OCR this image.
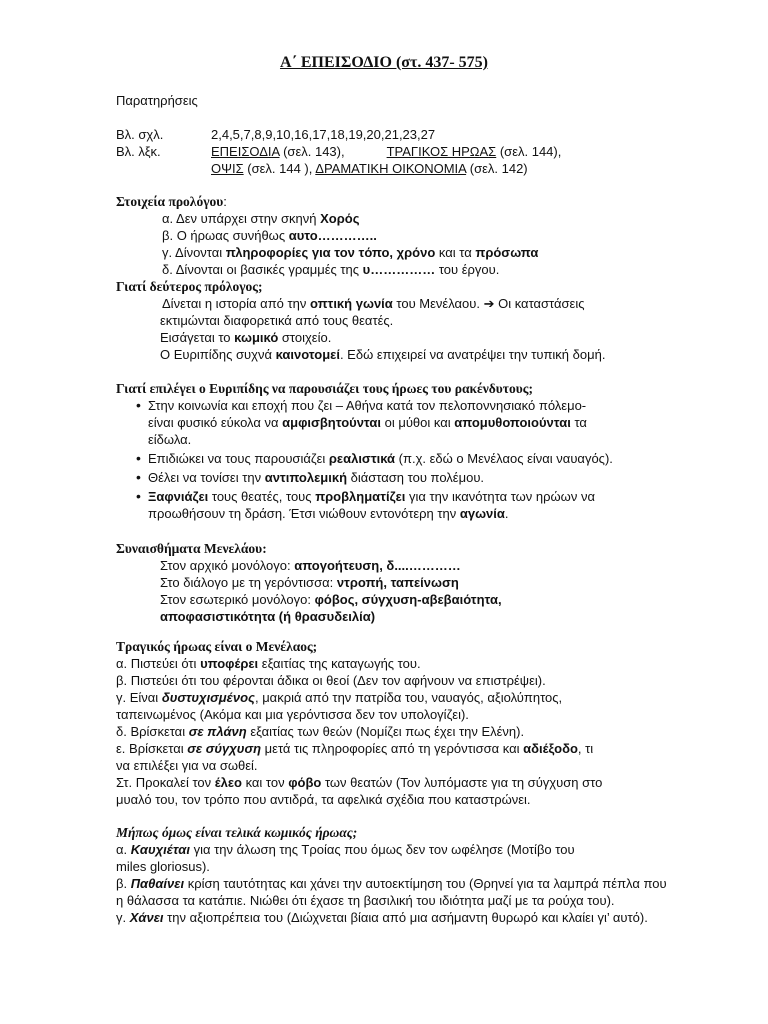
Α΄ ΕΠΕΙΣΟΔΙΟ (στ. 437- 575)
Παρατηρήσεις
Βλ. σχλ.	2,4,5,7,8,9,10,16,17,18,19,20,21,23,27
Βλ. λξκ.	ΕΠΕΙΣΟΔΙΑ (σελ. 143),	ΤΡΑΓΙΚΟΣ ΗΡΩΑΣ (σελ. 144),
ΟΨΙΣ (σελ. 144 ), ΔΡΑΜΑΤΙΚΗ ΟΙΚΟΝΟΜΙΑ (σελ. 142)
Στοιχεία προλόγου:
α. Δεν υπάρχει στην σκηνή Χορός
β. Ο ήρωας συνήθως αυτο…………..
γ. Δίνονται πληροφορίες για τον τόπο, χρόνο και τα πρόσωπα
δ. Δίνονται οι βασικές γραμμές της υ…………… του έργου.
Γιατί δεύτερος πρόλογος;
Δίνεται η ιστορία από την οπτική γωνία του Μενέλαου. ➔ Οι καταστάσεις
εκτιμώνται διαφορετικά από τους θεατές.
Εισάγεται το κωμικό στοιχείο.
Ο Ευριπίδης συχνά καινοτομεί. Εδώ επιχειρεί να ανατρέψει την τυπική δομή.
Γιατί επιλέγει ο Ευριπίδης να παρουσιάζει τους ήρωες του ρακένδυτους;
• Στην κοινωνία και εποχή που ζει – Αθήνα κατά τον πελοποννησιακό πόλεμο-
είναι φυσικό εύκολα να αμφισβητούνται οι μύθοι και απομυθοποιούνται τα
είδωλα.
• Επιδιώκει να τους παρουσιάζει ρεαλιστικά (π.χ. εδώ ο Μενέλαος είναι ναυαγός).
• Θέλει να τονίσει την αντιπολεμική διάσταση του πολέμου.
• Ξαφνιάζει τους θεατές, τους προβληματίζει για την ικανότητα των ηρώων να
προωθήσουν τη δράση. Έτσι νιώθουν εντονότερη την αγωνία.
Συναισθήματα Μενελάου:
Στον αρχικό μονόλογο: απογοήτευση, δ....…………
Στο διάλογο με τη γερόντισσα: ντροπή, ταπείνωση
Στον εσωτερικό μονόλογο: φόβος, σύγχυση-αβεβαιότητα,
αποφασιστικότητα (ή θρασυδειλία)
Τραγικός ήρωας είναι ο Μενέλαος;
α. Πιστεύει ότι υποφέρει εξαιτίας της καταγωγής του.
β. Πιστεύει ότι του φέρονται άδικα οι θεοί (Δεν τον αφήνουν να επιστρέψει).
γ. Είναι δυστυχισμένος, μακριά από την πατρίδα του, ναυαγός, αξιολύπητος,
ταπεινωμένος (Ακόμα και μια γερόντισσα δεν τον υπολογίζει).
δ. Βρίσκεται σε πλάνη εξαιτίας των θεών (Νομίζει πως έχει την Ελένη).
ε. Βρίσκεται σε σύγχυση μετά τις πληροφορίες από τη γερόντισσα και αδιέξοδο, τι
να επιλέξει για να σωθεί.
Στ. Προκαλεί τον έλεο και τον φόβο των θεατών (Τον λυπόμαστε για τη σύγχυση στο
μυαλό του, τον τρόπο που αντιδρά, τα αφελικά σχέδια που καταστρώνει.
Μήπως όμως είναι τελικά κωμικός ήρωας;
α. Καυχιέται για την άλωση της Τροίας που όμως δεν τον ωφέλησε (Μοτίβο του
miles gloriosus).
β. Παθαίνει κρίση ταυτότητας και χάνει την αυτοεκτίμηση του (Θρηνεί για τα λαμπρά πέπλα που
η θάλασσα τα κατάπιε. Νιώθει ότι έχασε τη βασιλική του ιδιότητα μαζί με τα ρούχα του).
γ. Χάνει την αξιοπρέπεια του (Διώχνεται βίαια από μια ασήμαντη θυρωρό και κλαίει γι’ αυτό).
